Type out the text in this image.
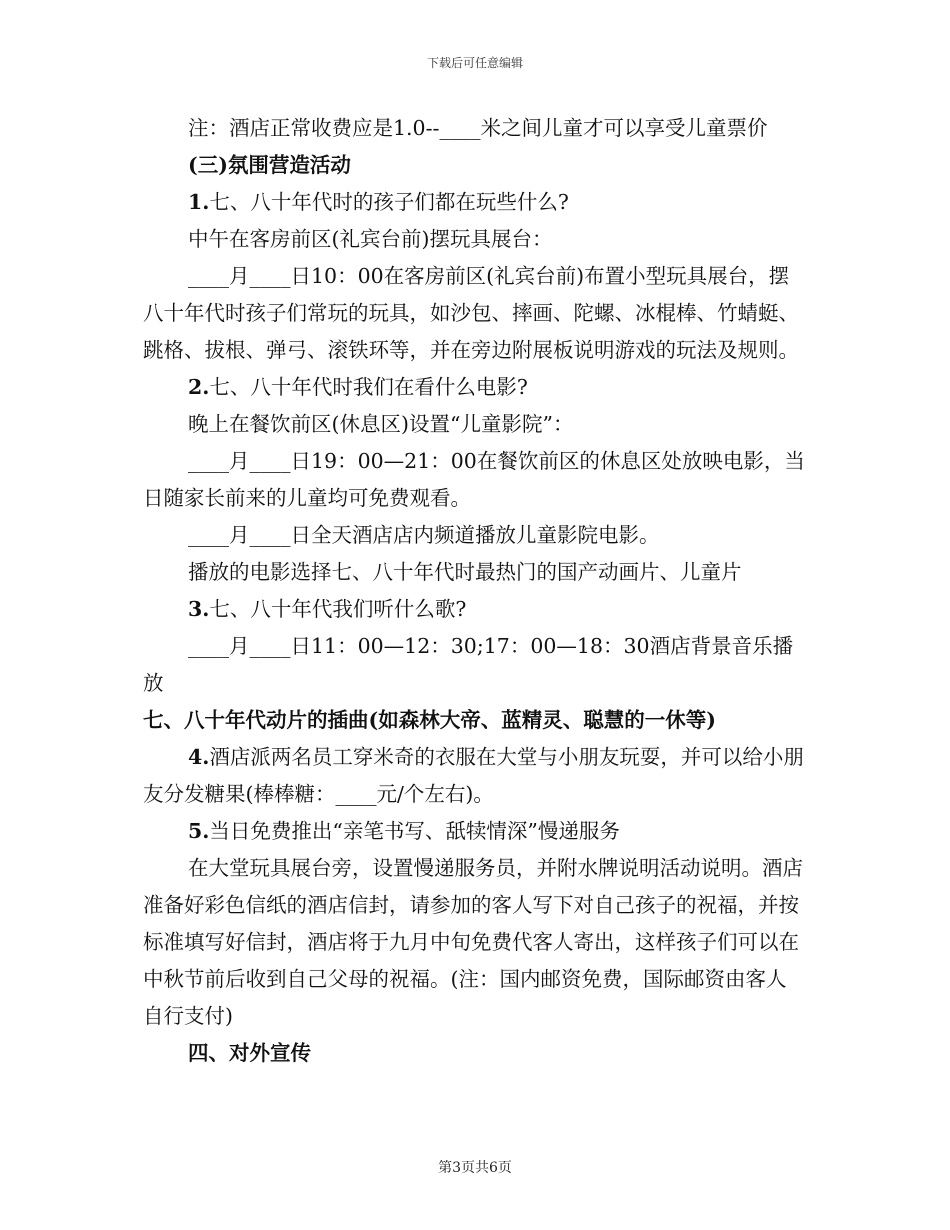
下载后可任意编辑

注：酒店正常收费应是1.0--____米之间儿童才可以享受儿童票价

(三)氛围营造活动

1.七、八十年代时的孩子们都在玩些什么?

中午在客房前区(礼宾台前)摆玩具展台：

____月____日10：00在客房前区(礼宾台前)布置小型玩具展台，摆八十年代时孩子们常玩的玩具，如沙包、摔画、陀螺、冰棍棒、竹蜻蜓、跳格、拔根、弹弓、滚铁环等，并在旁边附展板说明游戏的玩法及规则。

2.七、八十年代时我们在看什么电影?

晚上在餐饮前区(休息区)设置“儿童影院”：

____月____日19：00—21：00在餐饮前区的休息区处放映电影，当日随家长前来的儿童均可免费观看。

____月____日全天酒店店内频道播放儿童影院电影。

播放的电影选择七、八十年代时最热门的国产动画片、儿童片

3.七、八十年代我们听什么歌?

____月____日11：00—12：30;17：00—18：30酒店背景音乐播放

七、八十年代动片的插曲(如森林大帝、蓝精灵、聪慧的一休等)

4.酒店派两名员工穿米奇的衣服在大堂与小朋友玩耍，并可以给小朋友分发糖果(棒棒糖：____元/个左右)。

5.当日免费推出“亲笔书写、舐犊情深”慢递服务

在大堂玩具展台旁，设置慢递服务员，并附水牌说明活动说明。酒店准备好彩色信纸的酒店信封，请参加的客人写下对自己孩子的祝福，并按标准填写好信封，酒店将于九月中旬免费代客人寄出，这样孩子们可以在中秋节前后收到自己父母的祝福。(注：国内邮资免费，国际邮资由客人自行支付)

四、对外宣传

第3页共6页
